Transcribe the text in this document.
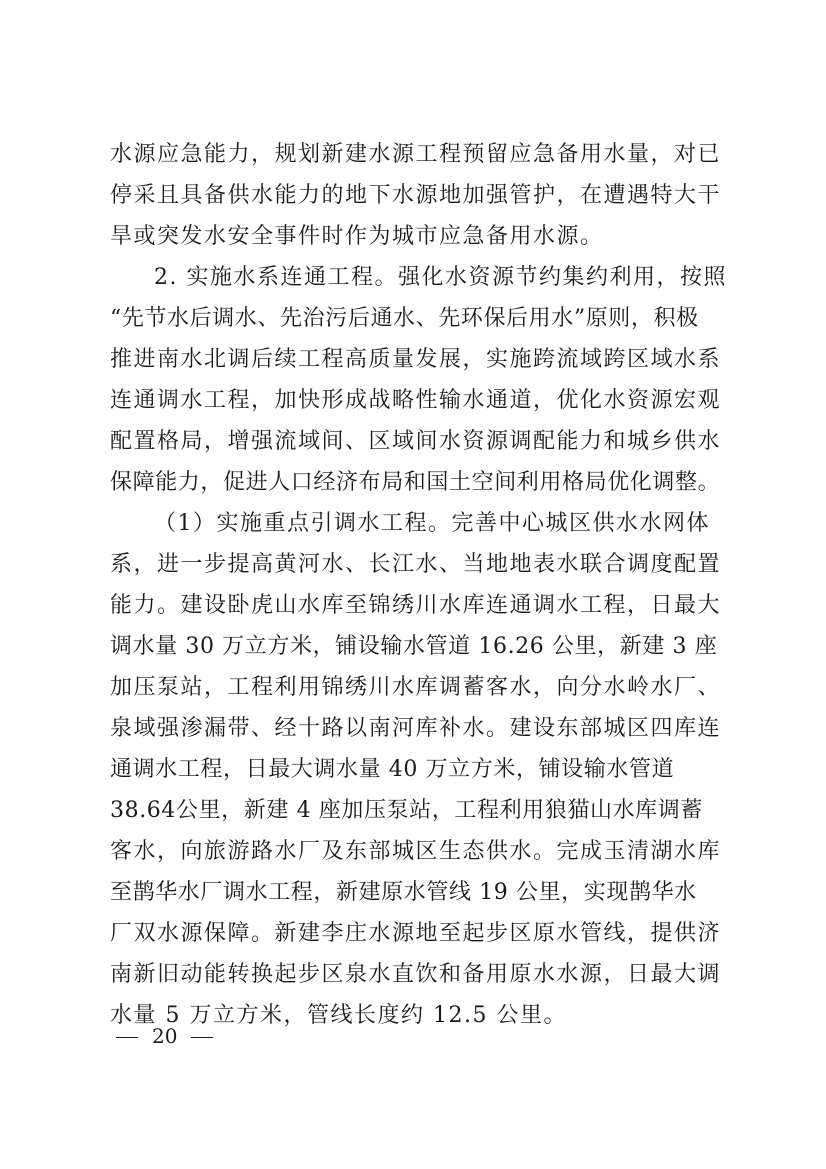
水源应急能力，规划新建水源工程预留应急备用水量，对已
停采且具备供水能力的地下水源地加强管护，在遭遇特大干
旱或突发水安全事件时作为城市应急备用水源。
2. 实施水系连通工程。强化水资源节约集约利用，按照
“先节水后调水、先治污后通水、先环保后用水”原则，积极
推进南水北调后续工程高质量发展，实施跨流域跨区域水系
连通调水工程，加快形成战略性输水通道，优化水资源宏观
配置格局，增强流域间、区域间水资源调配能力和城乡供水
保障能力，促进人口经济布局和国土空间利用格局优化调整。
（1）实施重点引调水工程。完善中心城区供水水网体
系，进一步提高黄河水、长江水、当地地表水联合调度配置
能力。建设卧虎山水库至锦绣川水库连通调水工程，日最大
调水量 30 万立方米，铺设输水管道 16.26 公里，新建 3 座
加压泵站，工程利用锦绣川水库调蓄客水，向分水岭水厂、
泉域强渗漏带、经十路以南河库补水。建设东部城区四库连
通调水工程，日最大调水量 40 万立方米，铺设输水管道
38.64公里，新建 4 座加压泵站，工程利用狼猫山水库调蓄
客水，向旅游路水厂及东部城区生态供水。完成玉清湖水库
至鹊华水厂调水工程，新建原水管线 19 公里，实现鹊华水
厂双水源保障。新建李庄水源地至起步区原水管线，提供济
南新旧动能转换起步区泉水直饮和备用原水水源，日最大调
水量 5 万立方米，管线长度约 12.5 公里。
20
